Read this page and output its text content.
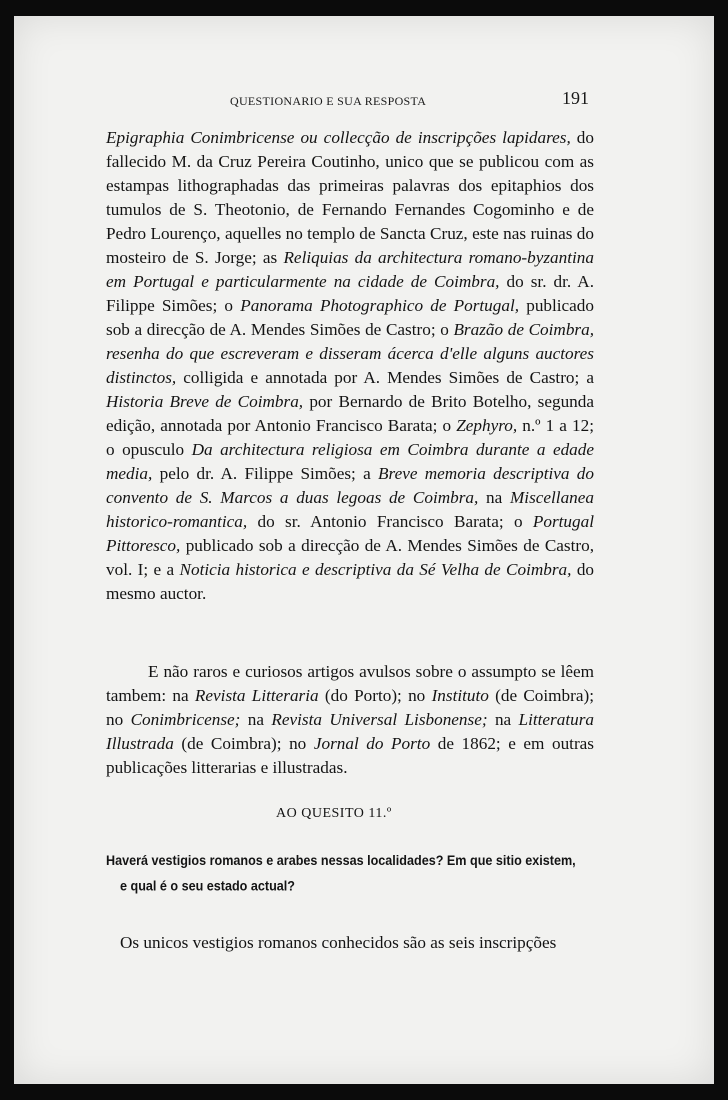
QUESTIONARIO E SUA RESPOSTA	191

Epigraphia Conimbricense ou collecção de inscripções lapidares, do fallecido M. da Cruz Pereira Coutinho, unico que se publicou com as estampas lithographadas das primeiras palavras dos epitaphios dos tumulos de S. Theotonio, de Fernando Fernandes Cogominho e de Pedro Lourenço, aquelles no templo de Sancta Cruz, este nas ruinas do mosteiro de S. Jorge; as Reliquias da architectura romano-byzantina em Portugal e particularmente na cidade de Coimbra, do sr. dr. A. Filippe Simões; o Panorama Photographico de Portugal, publicado sob a direcção de A. Mendes Simões de Castro; o Brazão de Coimbra, resenha do que escreveram e disseram ácerca d'elle alguns auctores distinctos, colligida e annotada por A. Mendes Simões de Castro; a Historia Breve de Coimbra, por Bernardo de Brito Botelho, segunda edição, annotada por Antonio Francisco Barata; o Zephyro, n.º 1 a 12; o opusculo Da architectura religiosa em Coimbra durante a edade media, pelo dr. A. Filippe Simões; a Breve memoria descriptiva do convento de S. Marcos a duas legoas de Coimbra, na Miscellanea historico-romantica, do sr. Antonio Francisco Barata; o Portugal Pittoresco, publicado sob a direcção de A. Mendes Simões de Castro, vol. I; e a Noticia historica e descriptiva da Sé Velha de Coimbra, do mesmo auctor.

E não raros e curiosos artigos avulsos sobre o assumpto se lêem tambem: na Revista Litteraria (do Porto); no Instituto (de Coimbra); no Conimbricense; na Revista Universal Lisbonense; na Litteratura Illustrada (de Coimbra); no Jornal do Porto de 1862; e em outras publicações litterarias e illustradas.

AO QUESITO 11.º
Haverá vestigios romanos e arabes nessas localidades? Em que sitio existem,
e qual é o seu estado actual?
Os unicos vestigios romanos conhecidos são as seis inscripções
